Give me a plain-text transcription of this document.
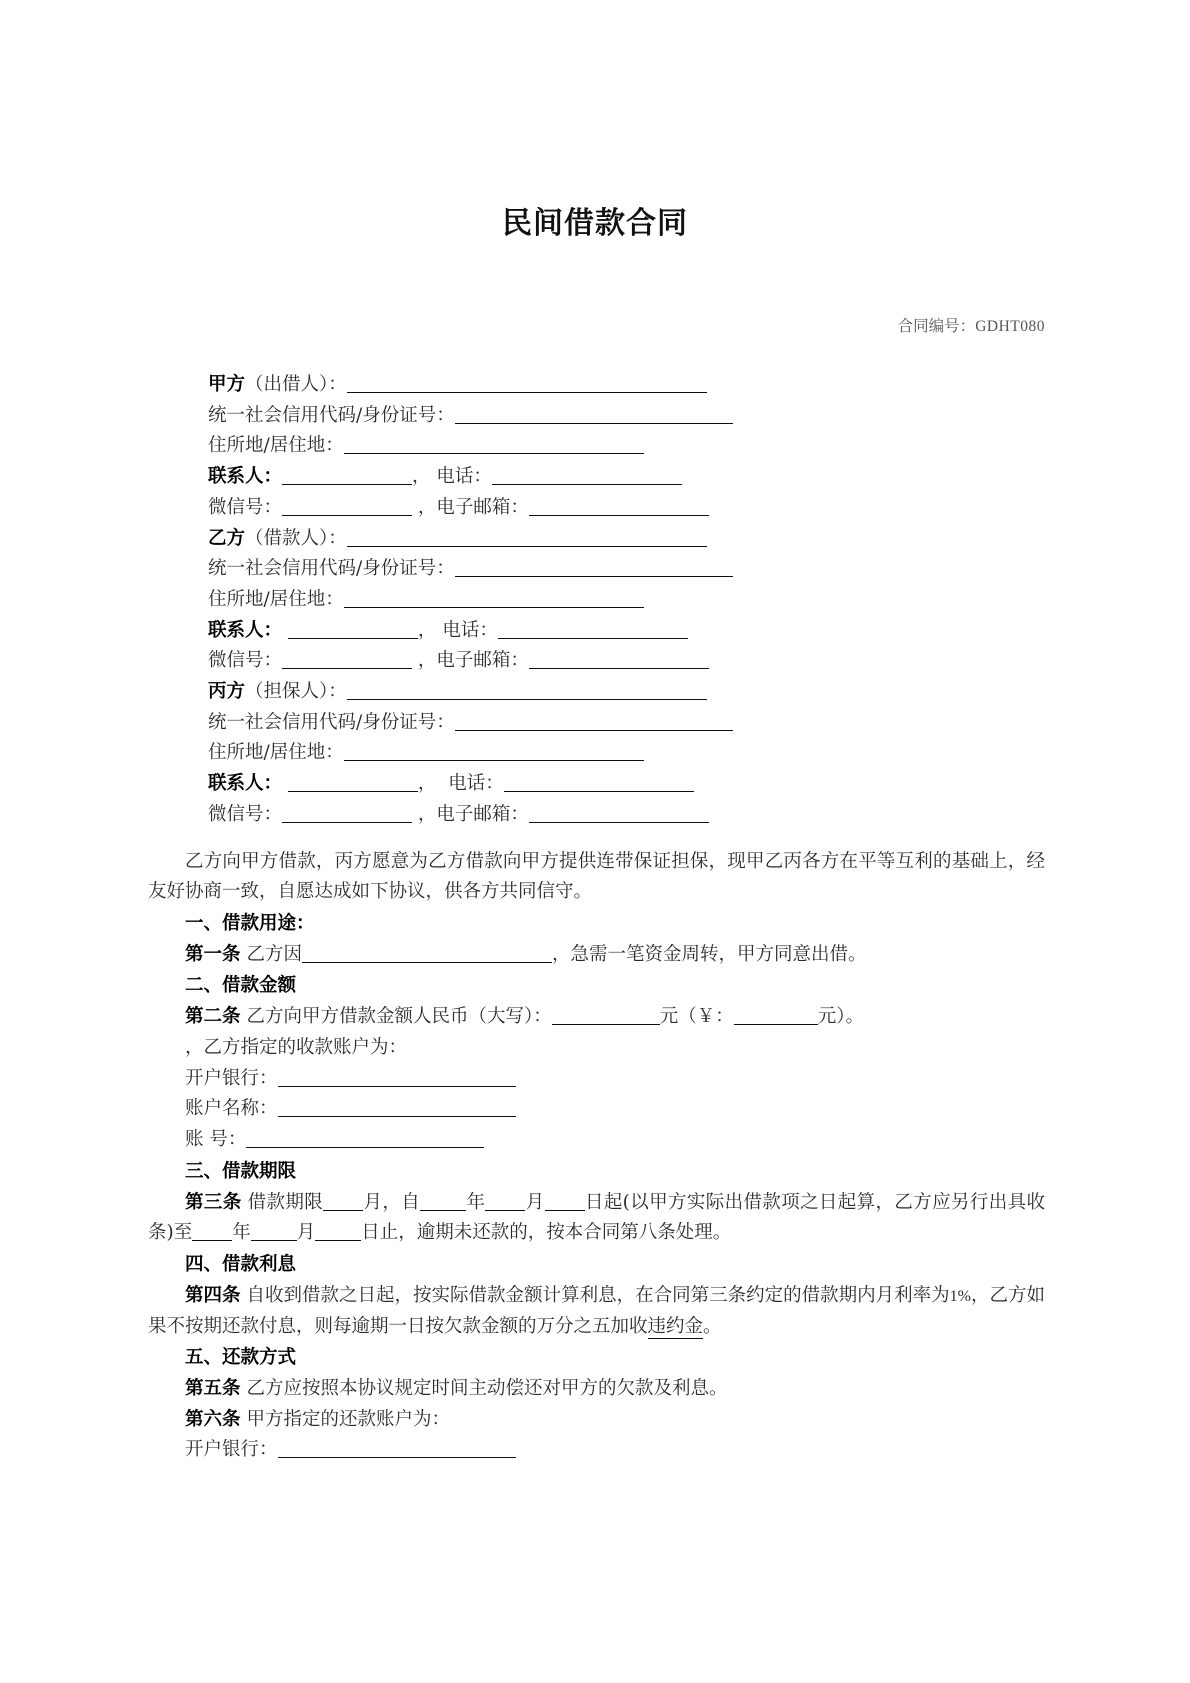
民间借款合同
合同编号：GDHT080
甲方（出借人）：
统一社会信用代码/身份证号：
住所地/居住地：
联系人：	， 电话：
微信号：	，电子邮箱：
乙方（借款人）：
统一社会信用代码/身份证号：
住所地/居住地：
联系人：	， 电话：
微信号：	，电子邮箱：
丙方（担保人）：
统一社会信用代码/身份证号：
住所地/居住地：
联系人：	， 电话：
微信号：	，电子邮箱：

乙方向甲方借款，丙方愿意为乙方借款向甲方提供连带保证担保，现甲乙丙各方在平等互利的基础上，经友好协商一致，自愿达成如下协议，供各方共同信守。

一、借款用途：

第一条 乙方因	，急需一笔资金周转，甲方同意出借。

二、借款金额

第二条 乙方向甲方借款金额人民币（大写）：	元（￥：	元）。

，乙方指定的收款账户为：

开户银行：

账户名称：

账 号：

三、借款期限

第三条 借款期限 月，自 年 月 日起(以甲方实际出借款项之日起算，乙方应另行出具收条)至 年 月 日止，逾期未还款的，按本合同第八条处理。

四、借款利息

第四条 自收到借款之日起，按实际借款金额计算利息，在合同第三条约定的借款期内月利率为1%，乙方如果不按期还款付息，则每逾期一日按欠款金额的万分之五加收违约金。

五、还款方式

第五条 乙方应按照本协议规定时间主动偿还对甲方的欠款及利息。

第六条 甲方指定的还款账户为：

开户银行：
